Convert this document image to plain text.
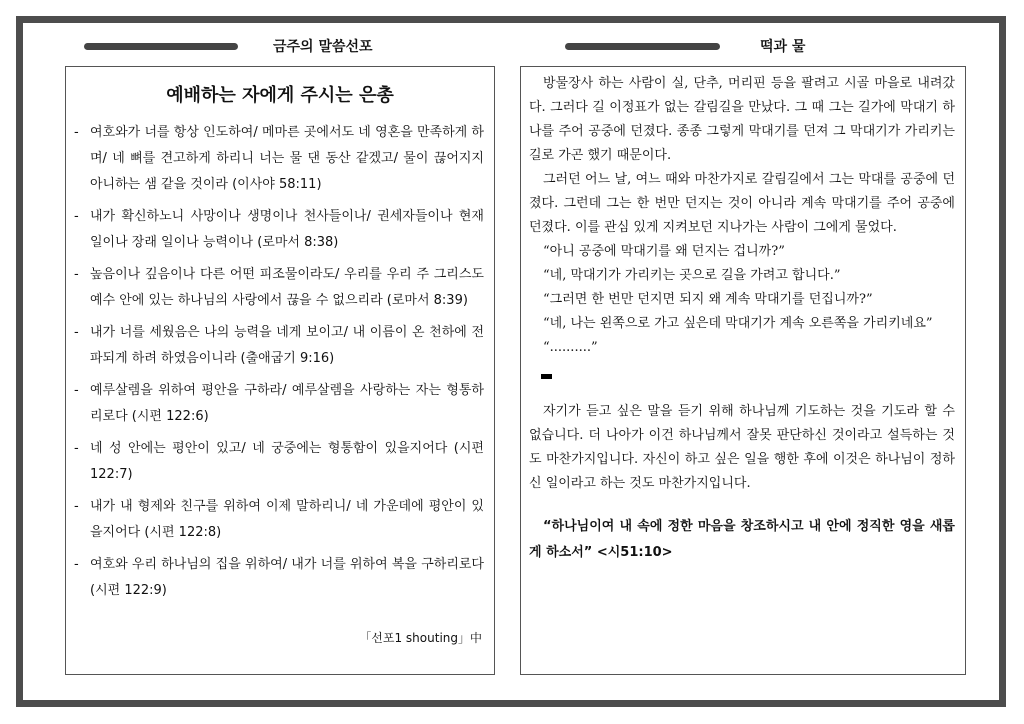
금주의 말씀선포	떡과 물
예배하는 자에게 주시는 은총
- 여호와가 너를 항상 인도하여/ 메마른 곳에서도 네 영혼을 만족하게 하며/ 네 뼈를 견고하게 하리니 너는 물 댄 동산 같겠고/ 물이 끊어지지 아니하는 샘 같을 것이라 (이사야 58:11)
- 내가 확신하노니 사망이나 생명이나 천사들이나/ 권세자들이나 현재 일이나 장래 일이나 능력이나 (로마서 8:38)
- 높음이나 깊음이나 다른 어떤 피조물이라도/ 우리를 우리 주 그리스도 예수 안에 있는 하나님의 사랑에서 끊을 수 없으리라 (로마서 8:39)
- 내가 너를 세웠음은 나의 능력을 네게 보이고/ 내 이름이 온 천하에 전파되게 하려 하였음이니라 (출애굽기 9:16)
- 예루살렘을 위하여 평안을 구하라/ 예루살렘을 사랑하는 자는 형통하리로다 (시편 122:6)
- 네 성 안에는 평안이 있고/ 네 궁중에는 형통함이 있을지어다 (시편 122:7)
- 내가 내 형제와 친구를 위하여 이제 말하리니/ 네 가운데에 평안이 있을지어다 (시편 122:8)
- 여호와 우리 하나님의 집을 위하여/ 내가 너를 위하여 복을 구하리로다 (시편 122:9)
「선포1 shouting」中

방물장사 하는 사람이 실, 단추, 머리핀 등을 팔려고 시골 마을로 내려갔다. 그러다 길 이정표가 없는 갈림길을 만났다. 그 때 그는 길가에 막대기 하나를 주어 공중에 던졌다. 종종 그렇게 막대기를 던져 그 막대기가 가리키는 길로 가곤 했기 때문이다.

그러던 어느 날, 여느 때와 마찬가지로 갈림길에서 그는 막대를 공중에 던졌다. 그런데 그는 한 번만 던지는 것이 아니라 계속 막대기를 주어 공중에 던졌다. 이를 관심 있게 지켜보던 지나가는 사람이 그에게 물었다.

“아니 공중에 막대기를 왜 던지는 겁니까?”

“네, 막대기가 가리키는 곳으로 길을 가려고 합니다.”

“그러면 한 번만 던지면 되지 왜 계속 막대기를 던집니까?”

“네, 나는 왼쪽으로 가고 싶은데 막대기가 계속 오른쪽을 가리키네요”

“..........”

자기가 듣고 싶은 말을 듣기 위해 하나님께 기도하는 것을 기도라 할 수 없습니다. 더 나아가 이건 하나님께서 잘못 판단하신 것이라고 설득하는 것도 마찬가지입니다. 자신이 하고 싶은 일을 행한 후에 이것은 하나님이 정하신 일이라고 하는 것도 마찬가지입니다.

“하나님이여 내 속에 정한 마음을 창조하시고 내 안에 정직한 영을 새롭게 하소서” <시51:10>
